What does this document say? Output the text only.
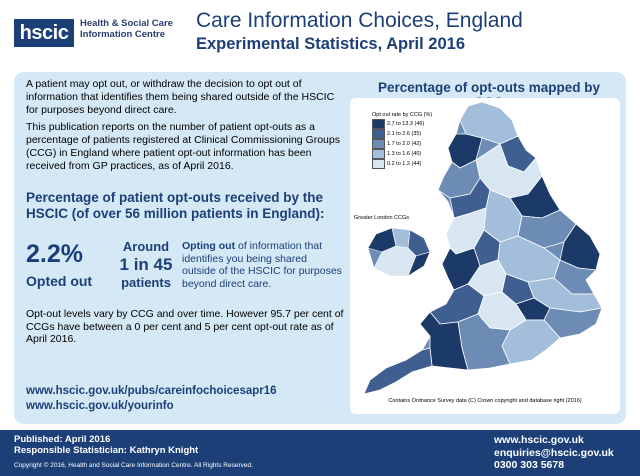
hscic	Health & Social Care Information Centre
Care Information Choices, England
Experimental Statistics, April 2016

A patient may opt out, or withdraw the decision to opt out of information that identifies them being shared outside of the HSCIC for purposes beyond direct care.

This publication reports on the number of patient opt-outs as a percentage of patients registered at Clinical Commissioning Groups (CCG) in England where patient opt-out information has been received from GP practices, as of April 2016.

Percentage of patient opt-outs received by the HSCIC (of over 56 million patients in England):
2.2%
Opted out
Around
1 in 45
patients
Opting out of information that identifies you being shared outside of the HSCIC for purposes beyond direct care.
Opt-out levels vary by CCG and over time. However 95.7 per cent of CCGs have between a 0 per cent and 5 per cent opt-out rate as of April 2016.
www.hscic.gov.uk/pubs/careinfochoicesapr16
www.hscic.gov.uk/yourinfo
Percentage of opt-outs mapped by
Opt out rate by CCG (%)
2.7 to 13.3 (46)
2.1 to 2.6 (35)
1.7 to 2.0 (42)
1.3 to 1.6 (40)
0.2 to 1.2 (44)
Greater London CCGs
Contains Ordnance Survey data (C) Crown copyright and database right (2016)
Published: April 2016
Responsible Statistician: Kathryn Knight
Copyright © 2016, Health and Social Care Information Centre. All Rights Reserved.
www.hscic.gov.uk
enquiries@hscic.gov.uk
0300 303 5678
